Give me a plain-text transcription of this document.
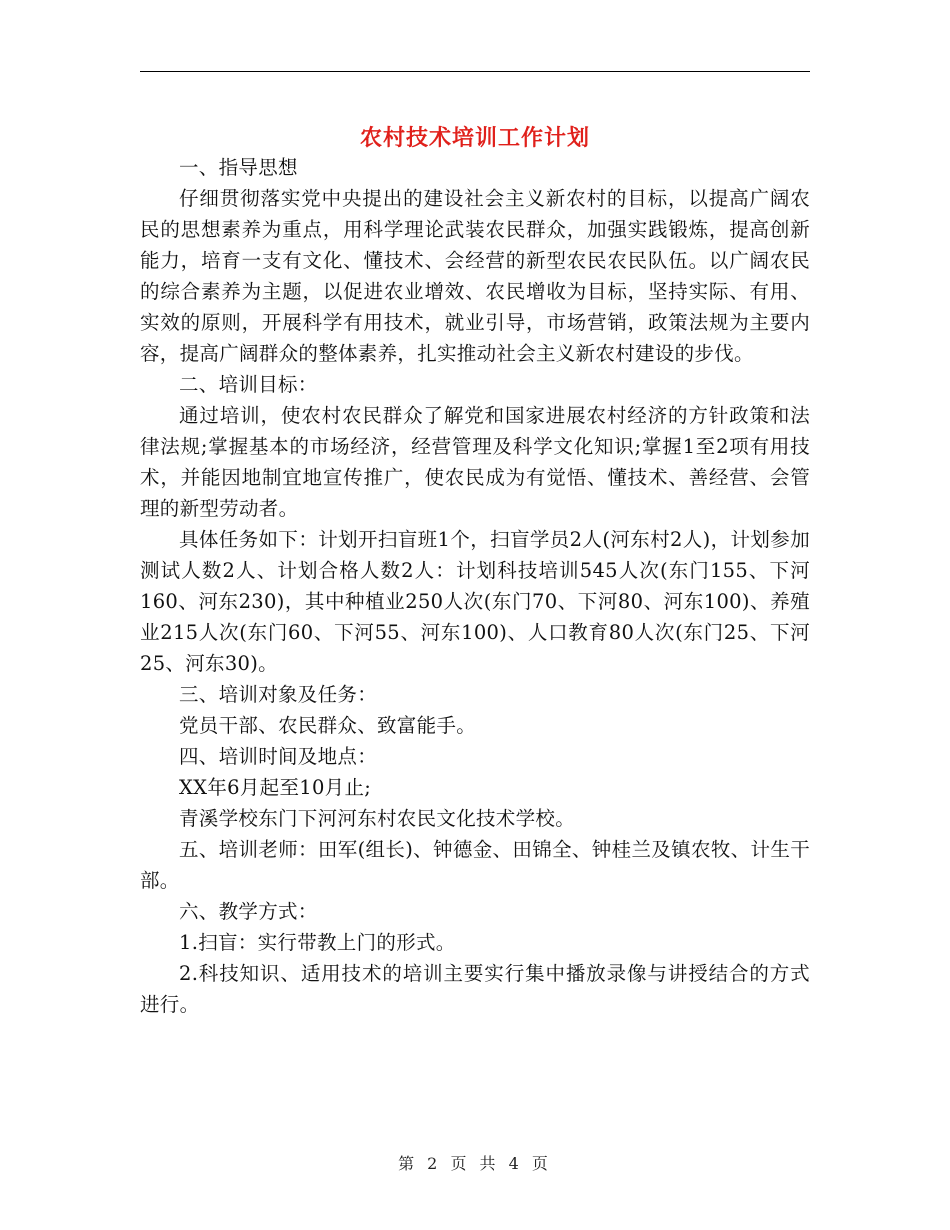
农村技术培训工作计划

一、指导思想

仔细贯彻落实党中央提出的建设社会主义新农村的目标，以提高广阔农民的思想素养为重点，用科学理论武装农民群众，加强实践锻炼，提高创新能力，培育一支有文化、懂技术、会经营的新型农民农民队伍。以广阔农民的综合素养为主题，以促进农业增效、农民增收为目标，坚持实际、有用、实效的原则，开展科学有用技术，就业引导，市场营销，政策法规为主要内容，提高广阔群众的整体素养，扎实推动社会主义新农村建设的步伐。

二、培训目标：

通过培训，使农村农民群众了解党和国家进展农村经济的方针政策和法律法规;掌握基本的市场经济，经营管理及科学文化知识;掌握1至2项有用技术，并能因地制宜地宣传推广，使农民成为有觉悟、懂技术、善经营、会管理的新型劳动者。

具体任务如下：计划开扫盲班1个，扫盲学员2人(河东村2人)，计划参加测试人数2人、计划合格人数2人：计划科技培训545人次(东门155、下河160、河东230)，其中种植业250人次(东门70、下河80、河东100)、养殖业215人次(东门60、下河55、河东100)、人口教育80人次(东门25、下河25、河东30)。

三、培训对象及任务：

党员干部、农民群众、致富能手。

四、培训时间及地点：

XX年6月起至10月止;

青溪学校东门下河河东村农民文化技术学校。

五、培训老师：田军(组长)、钟德金、田锦全、钟桂兰及镇农牧、计生干部。

六、教学方式：

1.扫盲：实行带教上门的形式。

2.科技知识、适用技术的培训主要实行集中播放录像与讲授结合的方式进行。

第 2 页 共 4 页
